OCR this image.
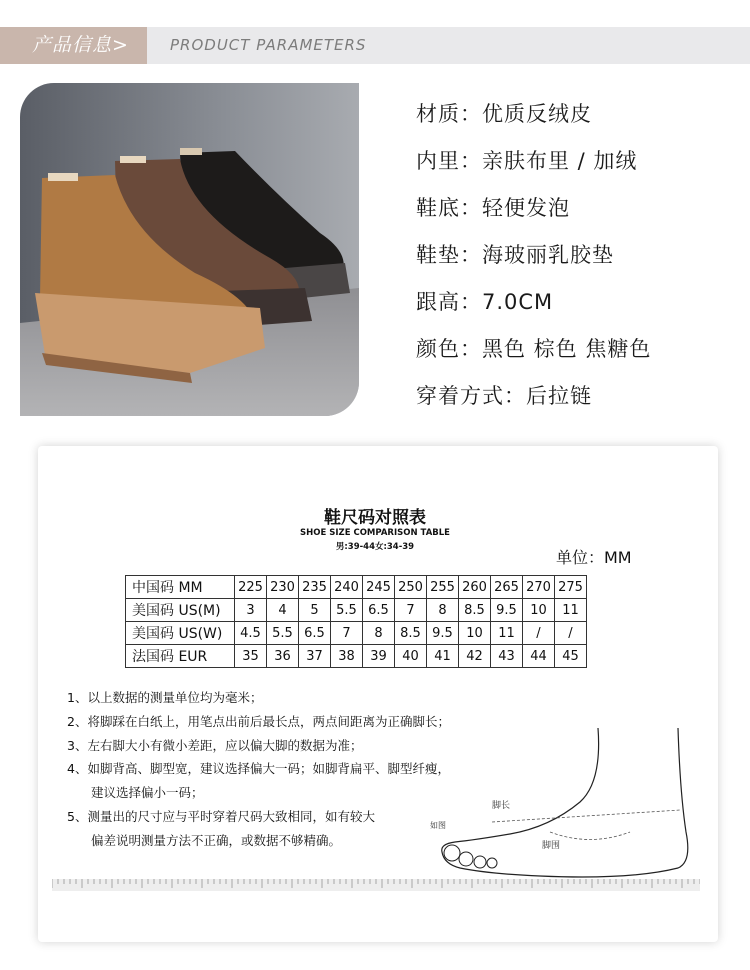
产品信息>	PRODUCT PARAMETERS
材质：优质反绒皮
内里：亲肤布里 / 加绒
鞋底：轻便发泡
鞋垫：海玻丽乳胶垫
跟高：7.0CM
颜色：黑色 棕色 焦糖色
穿着方式：后拉链
鞋尺码对照表
SHOE SIZE COMPARISON TABLE
男:39-44女:34-39
单位：MM
中国码 MM	225	230	235	240	245	250	255	260	265	270	275
美国码 US(M)	3	4	5	5.5	6.5	7	8	8.5	9.5	10	11
美国码 US(W)	4.5	5.5	6.5	7	8	8.5	9.5	10	11	/	/
法国码 EUR	35	36	37	38	39	40	41	42	43	44	45
1、以上数据的测量单位均为毫米；
2、将脚踩在白纸上，用笔点出前后最长点，两点间距离为正确脚长；
3、左右脚大小有微小差距，应以偏大脚的数据为准；
4、如脚背高、脚型宽，建议选择偏大一码；如脚背扁平、脚型纤瘦，
建议选择偏小一码；
5、测量出的尺寸应与平时穿着尺码大致相同，如有较大
偏差说明测量方法不正确，或数据不够精确。
脚长
脚围
如图
